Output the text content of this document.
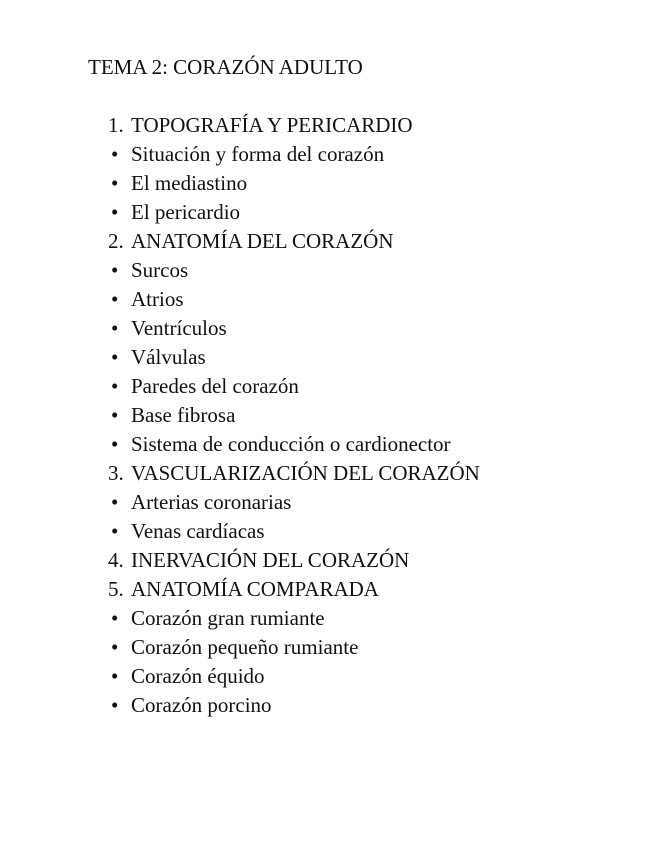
TEMA 2: CORAZÓN ADULTO
1. TOPOGRAFÍA Y PERICARDIO
• Situación y forma del corazón
• El mediastino
• El pericardio
2. ANATOMÍA DEL CORAZÓN
• Surcos
• Atrios
• Ventrículos
• Válvulas
• Paredes del corazón
• Base fibrosa
• Sistema de conducción o cardionector
3. VASCULARIZACIÓN DEL CORAZÓN
• Arterias coronarias
• Venas cardíacas
4. INERVACIÓN DEL CORAZÓN
5. ANATOMÍA COMPARADA
• Corazón gran rumiante
• Corazón pequeño rumiante
• Corazón équido
• Corazón porcino
